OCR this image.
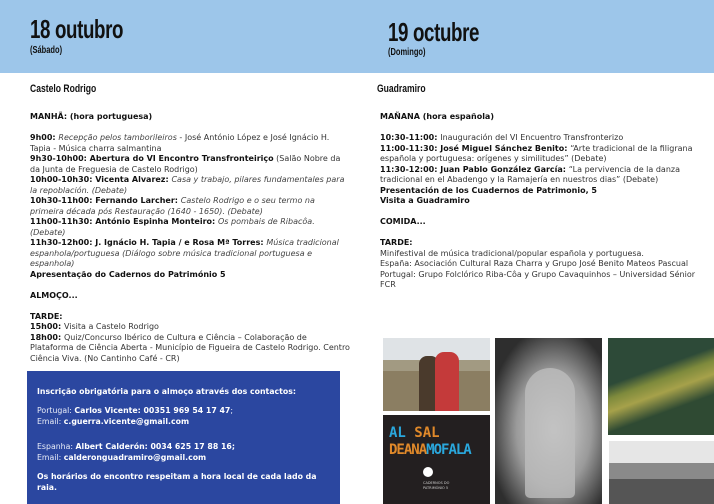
18 outubro
(Sábado)
19 octubre
(Domingo)
Castelo Rodrigo	Guadramiro

MANHÃ: (hora portuguesa)

9h00: Recepção pelos tamborileiros - José António López e José Ignácio H. Tapia - Música charra salmantina
9h30-10h00: Abertura do VI Encontro Transfronteiriço (Salão Nobre da da Junta de Freguesia de Castelo Rodrigo)
10h00-10h30: Vicenta Alvarez: Casa y trabajo, pilares fundamentales para la repoblación. (Debate)
10h30-11h00: Fernando Larcher: Castelo Rodrigo e o seu termo na primeira década pós Restauração (1640 - 1650). (Debate)
11h00-11h30: António Espinha Monteiro: Os pombais de Ribacôa. (Debate)
11h30-12h00: J. Ignácio H. Tapia / e Rosa Mª Torres: Música tradicional espanhola/portuguesa (Diálogo sobre música tradicional portuguesa e espanhola)
Apresentação do Cadernos do Património 5

ALMOÇO...

TARDE:
15h00: Visita a Castelo Rodrigo
18h00: Quiz/Concurso Ibérico de Cultura e Ciência – Colaboração de Plataforma de Ciência Aberta - Município de Figueira de Castelo Rodrigo. Centro Ciência Viva. (No Cantinho Café - CR)

MAÑANA (hora española)

10:30-11:00: Inauguración del VI Encuentro Transfronterizo
11:00-11:30: José Miguel Sánchez Benito: “Arte tradicional de la filigrana española y portuguesa: orígenes y similitudes” (Debate)
11:30-12:00: Juan Pablo González García: “La pervivencia de la danza tradicional en el Abadengo y la Ramajería en nuestros dias” (Debate)
Presentación de los Cuadernos de Patrimonio, 5
Visita a Guadramiro

COMIDA...

TARDE:
Minifestival de música tradicional/popular española y portuguesa.
España: Asociación Cultural Raza Charra y Grupo José Benito Mateos Pascual
Portugal: Grupo Folclórico Riba-Côa y Grupo Cavaquinhos – Universidad Sénior FCR

Inscrição obrigatória para o almoço através dos contactos:

Portugal: Carlos Vicente: 00351 969 54 17 47;
Email: c.guerra.vicente@gmail.com

Espanha: Albert Calderón: 0034 625 17 88 16;
Email: calderonguadramiro@gmail.com

Os horários do encontro respeitam a hora local de cada lado da raia.

AL SAL
DEANAMOFALA
CADERNOS DO PATRIMÓNIO 5
